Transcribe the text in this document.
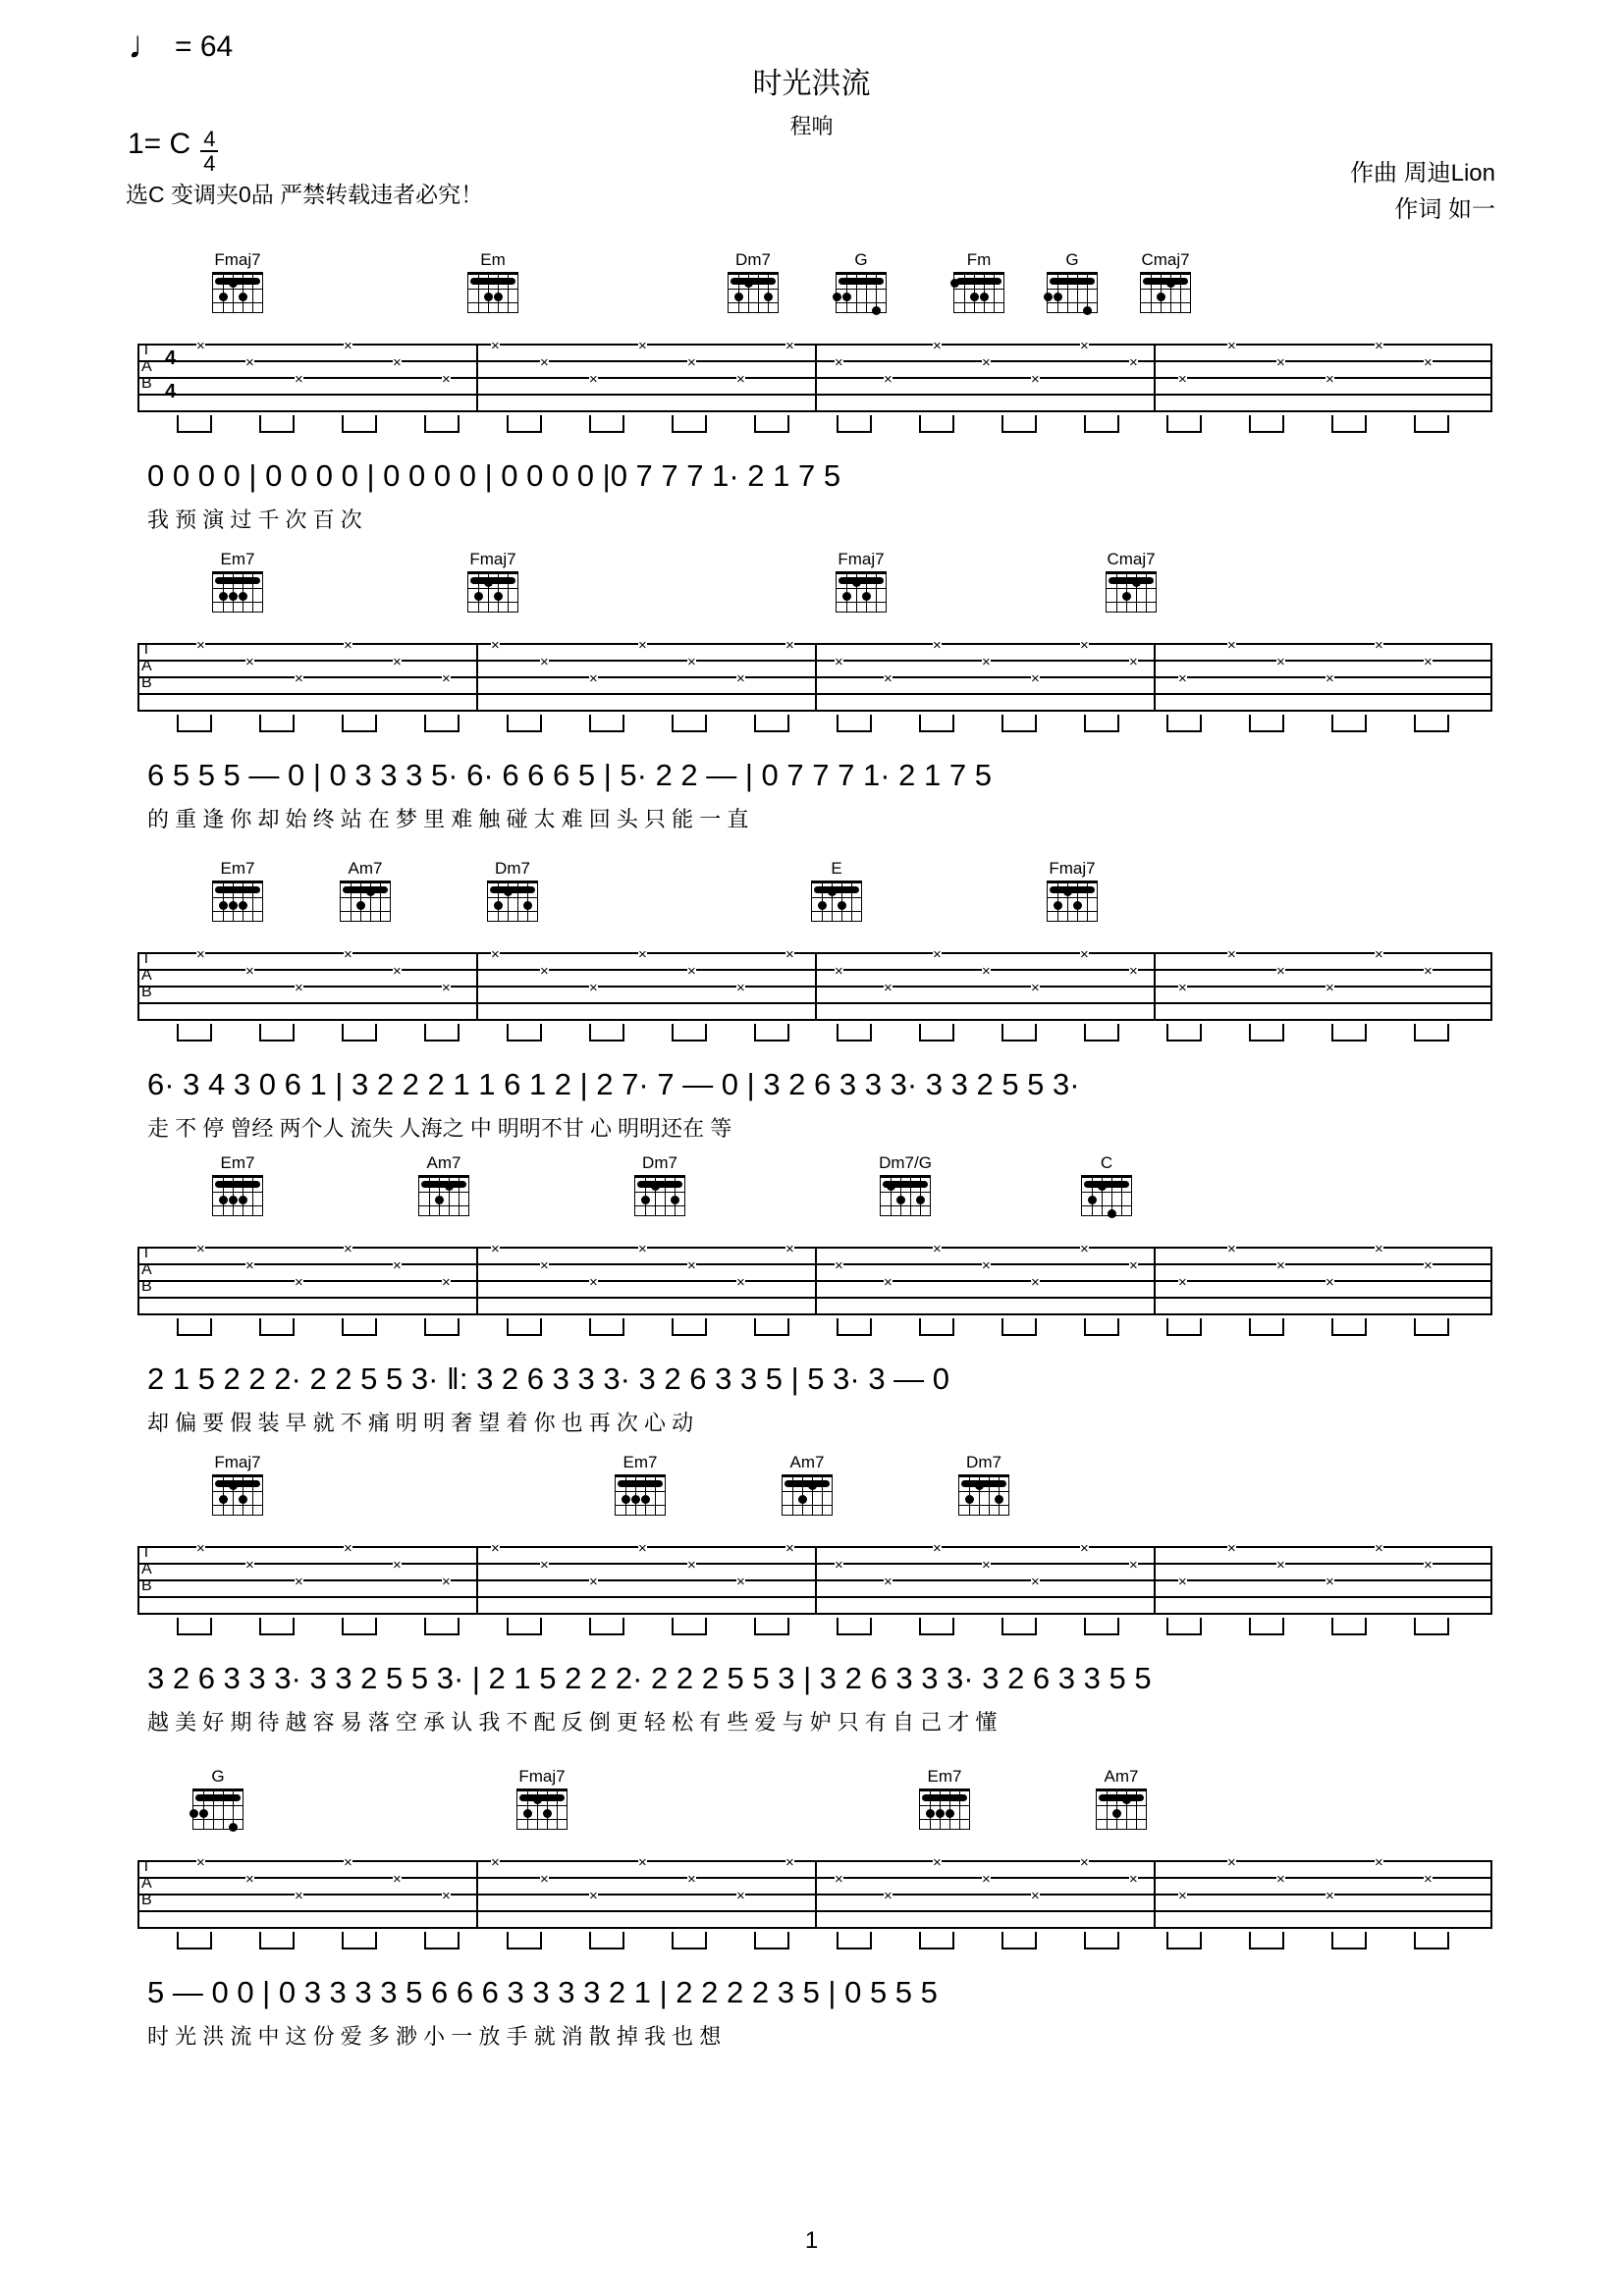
♩ = 64
1= C $\frac{4}{4}$
选C 变调夹0品 严禁转载违者必究！
时光洪流
程响
作曲 周迪Lion
作词 如一
Fmaj7	Em	Dm7	G	Fm	G	Cmaj7
T
A
B
4
4
×
×
×
×
×
×
×
×
×
×
×
×
×
×
×
×
×
×
×
×
×
×
×
×
×
×
0 0 0 0 | 0 0 0 0 | 0 0 0 0 | 0 0 0 0 |0 7 7 7 1· 2 1 7 5
我 预 演 过 千 次 百 次
Em7	Fmaj7	Fmaj7	Cmaj7
T
A
B
×
×
×
×
×
×
×
×
×
×
×
×
×
×
×
×
×
×
×
×
×
×
×
×
×
×
6 5 5 5 — 0 | 0 3 3 3 5· 6· 6 6 6 5 | 5· 2 2 — | 0 7 7 7 1· 2 1 7 5
的 重 逢 你 却 始 终 站 在 梦 里 难 触 碰 太 难 回 头 只 能 一 直
Em7	Am7	Dm7	E	Fmaj7
T
A
B
×
×
×
×
×
×
×
×
×
×
×
×
×
×
×
×
×
×
×
×
×
×
×
×
×
×
6· 3 4 3 0 6 1 | 3 2 2 2 1 1 6 1 2 | 2 7· 7 — 0 | 3 2 6 3 3 3· 3 3 2 5 5 3·
走 不 停 曾经 两个人 流失 人海之 中 明明不甘 心 明明还在 等
Em7	Am7	Dm7	Dm7/G	C
T
A
B
×
×
×
×
×
×
×
×
×
×
×
×
×
×
×
×
×
×
×
×
×
×
×
×
×
×
2 1 5 2 2 2· 2 2 5 5 3· ‖: 3 2 6 3 3 3· 3 2 6 3 3 5 | 5 3· 3 — 0
却 偏 要 假 装 早 就 不 痛 明 明 奢 望 着 你 也 再 次 心 动
Fmaj7	Em7	Am7	Dm7
T
A
B
×
×
×
×
×
×
×
×
×
×
×
×
×
×
×
×
×
×
×
×
×
×
×
×
×
×
3 2 6 3 3 3· 3 3 2 5 5 3· | 2 1 5 2 2 2· 2 2 2 5 5 3 | 3 2 6 3 3 3· 3 2 6 3 3 5 5
越 美 好 期 待 越 容 易 落 空 承 认 我 不 配 反 倒 更 轻 松 有 些 爱 与 妒 只 有 自 己 才 懂
G	Fmaj7	Em7	Am7
T
A
B
×
×
×
×
×
×
×
×
×
×
×
×
×
×
×
×
×
×
×
×
×
×
×
×
×
×
5 — 0 0 | 0 3 3 3 3 5 6 6 6 3 3 3 3 2 1 | 2 2 2 2 3 5 | 0 5 5 5
时 光 洪 流 中 这 份 爱 多 渺 小 一 放 手 就 消 散 掉 我 也 想
1
